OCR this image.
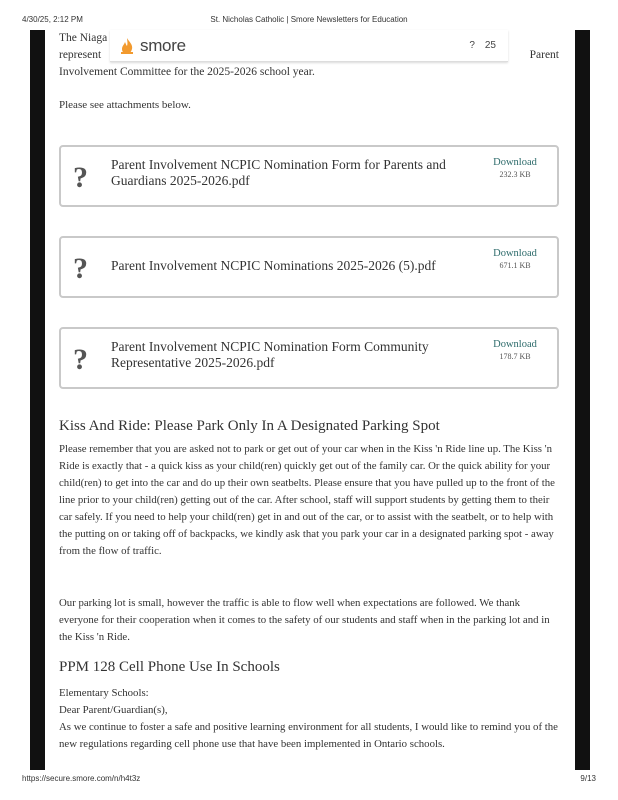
4/30/25, 2:12 PM	St. Nicholas Catholic | Smore Newsletters for Education
The Niaga
represent	Parent
Involvement Committee for the 2025-2026 school year.
Please see attachments below.
? Parent Involvement NCPIC Nomination Form for Parents and Guardians 2025-2026.pdf
Download
232.3 KB
? Parent Involvement NCPIC Nominations 2025-2026 (5).pdf
Download
671.1 KB
? Parent Involvement NCPIC Nomination Form Community Representative 2025-2026.pdf
Download
178.7 KB
Kiss And Ride: Please Park Only In A Designated Parking Spot
Please remember that you are asked not to park or get out of your car when in the Kiss 'n Ride line up. The Kiss 'n Ride is exactly that - a quick kiss as your child(ren) quickly get out of the family car. Or the quick ability for your child(ren) to get into the car and do up their own seatbelts. Please ensure that you have pulled up to the front of the line prior to your child(ren) getting out of the car. After school, staff will support students by getting them to their car safely. If you need to help your child(ren) get in and out of the car, or to assist with the seatbelt, or to help with the putting on or taking off of backpacks, we kindly ask that you park your car in a designated parking spot - away from the flow of traffic.
Our parking lot is small, however the traffic is able to flow well when expectations are followed. We thank everyone for their cooperation when it comes to the safety of our students and staff when in the parking lot and in the Kiss 'n Ride.
PPM 128 Cell Phone Use In Schools
Elementary Schools:
Dear Parent/Guardian(s),
As we continue to foster a safe and positive learning environment for all students, I would like to remind you of the new regulations regarding cell phone use that have been implemented in Ontario schools.
smore	? 25
https://secure.smore.com/n/h4t3z	9/13
